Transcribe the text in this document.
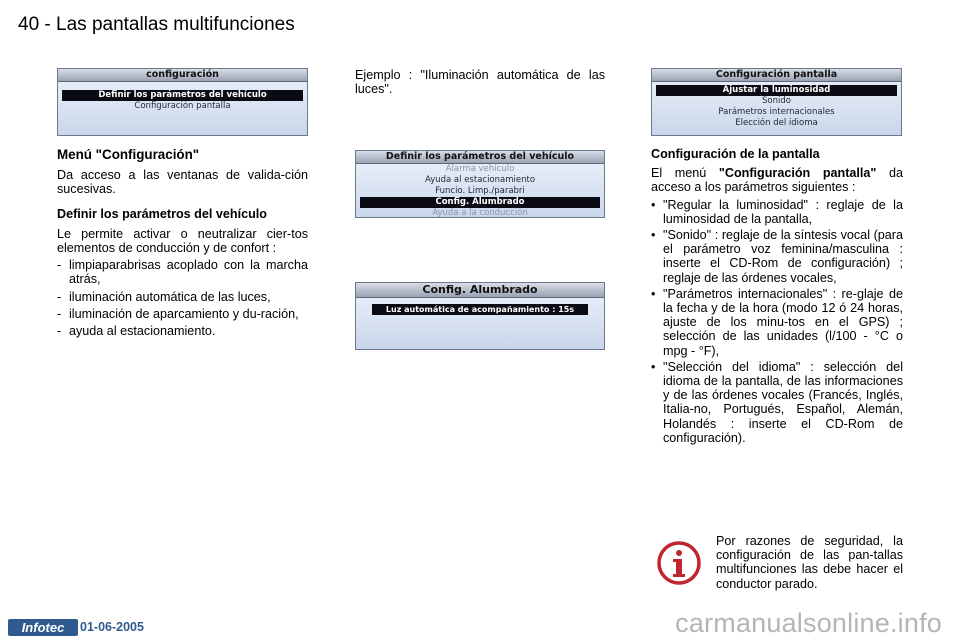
40 - Las pantallas multifunciones
configuración
Definir los parámetros del vehículo
Configuración pantalla
Menú "Configuración"

Da acceso a las ventanas de valida-ción sucesivas.

Definir los parámetros del vehículo

Le permite activar o neutralizar cier-tos elementos de conducción y de confort :

- limpiaparabrisas acoplado con la marcha atrás,
- iluminación automática de las luces,
- iluminación de aparcamiento y du-ración,
- ayuda al estacionamiento.

Ejemplo : "Iluminación automática de las luces".

Definir los parámetros del vehículo
Alarma vehículo
Ayuda al estacionamiento
Funcio. Limp./parabri
Config. Alumbrado
Ayuda a la conducción
Config. Alumbrado
Luz automática de acompañamiento : 15s
Configuración pantalla
Ajustar la luminosidad
Sonido
Parámetros internacionales
Elección del idioma
Configuración de la pantalla

El menú "Configuración pantalla" da acceso a los parámetros siguientes :

• "Regular la luminosidad" : reglaje de la luminosidad de la pantalla,
• "Sonido" : reglaje de la síntesis vocal (para el parámetro voz feminina/masculina : inserte el CD-Rom de configuración) ; reglaje de las órdenes vocales,
• "Parámetros internacionales" : re-glaje de la fecha y de la hora (modo 12 ó 24 horas, ajuste de los minu-tos en el GPS) ; selección de las unidades (l/100 - °C o mpg - °F),
• "Selección del idioma" : selección del idioma de la pantalla, de las informaciones y de las órdenes vocales (Francés, Inglés, Italia-no, Portugués, Español, Alemán, Holandés : inserte el CD-Rom de configuración).

Por razones de seguridad, la configuración de las pan-tallas multifunciones las debe hacer el conductor parado.

Infotec	01-06-2005	carmanualsonline.info
